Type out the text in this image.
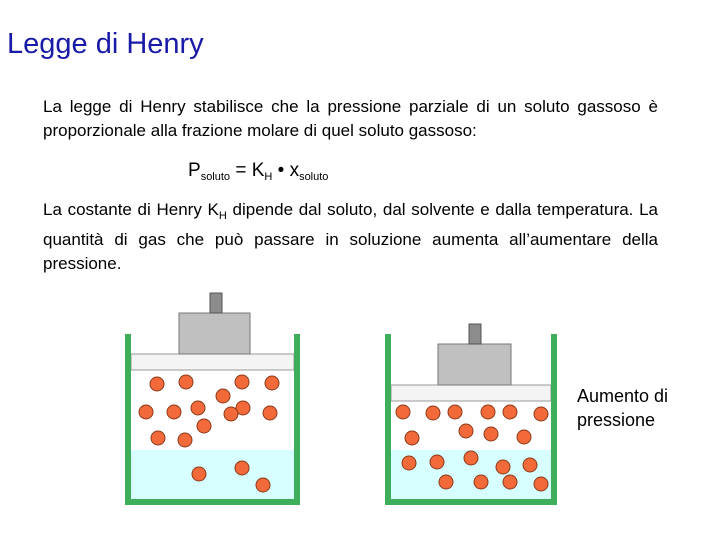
Legge di Henry
La legge di Henry stabilisce che la pressione parziale di un soluto gassoso è proporzionale alla frazione molare di quel soluto gassoso:
$P_{soluto} = K_H$ • $x_{soluto}$
La costante di Henry $K_H$ dipende dal soluto, dal solvente e dalla temperatura. La quantità di gas che può passare in soluzione aumenta all’aumentare della pressione.
Aumento di
pressione
